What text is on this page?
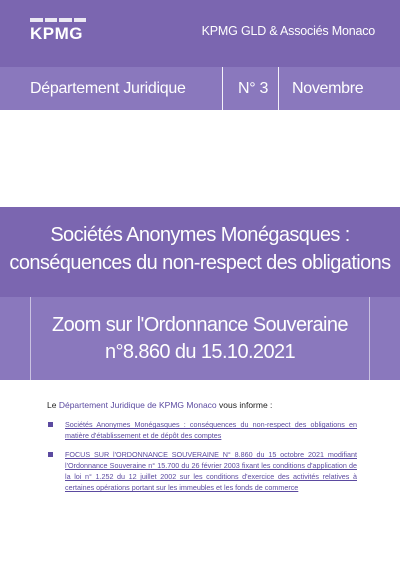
KPMG	KPMG GLD & Associés Monaco
Département Juridique	N° 3 Novembre 2021
Sociétés Anonymes Monégasques :
conséquences du non-respect des obligations
Zoom sur l'Ordonnance Souveraine
n°8.860 du 15.10.2021
Le Département Juridique de KPMG Monaco vous informe :
Sociétés Anonymes Monégasques : conséquences du non-respect des obligations en matière d'établissement et de dépôt des comptes
FOCUS SUR l'ORDONNANCE SOUVERAINE N° 8.860 du 15 octobre 2021 modifiant l'Ordonnance Souveraine n° 15.700 du 26 février 2003 fixant les conditions d'application de la loi n° 1.252 du 12 juillet 2002 sur les conditions d'exercice des activités relatives à certaines opérations portant sur les immeubles et les fonds de commerce
